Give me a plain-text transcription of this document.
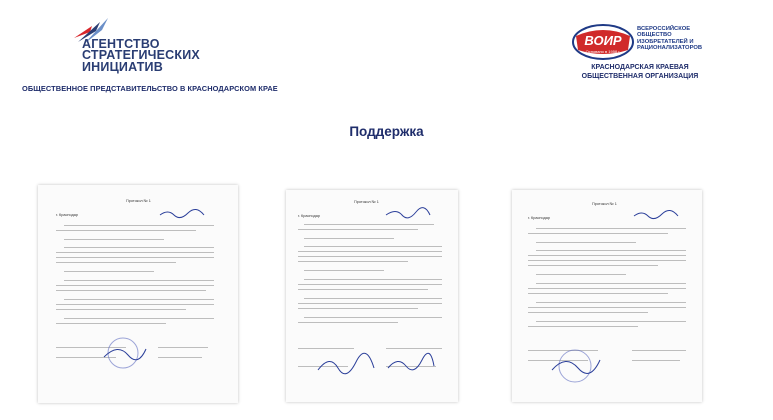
АГЕНТСТВО
СТРАТЕГИЧЕСКИХ
ИНИЦИАТИВ
ОБЩЕСТВЕННОЕ ПРЕДСТАВИТЕЛЬСТВО В КРАСНОДАРСКОМ КРАЕ
ВОИР
Основано в 1958 г.
ВСЕРОССИЙСКОЕ ОБЩЕСТВО ИЗОБРЕТАТЕЛЕЙ И РАЦИОНАЛИЗАТОРОВ
КРАСНОДАРСКАЯ КРАЕВАЯ ОБЩЕСТВЕННАЯ ОРГАНИЗАЦИЯ
Поддержка
Протокол № 1
г. Краснодар
Протокол № 1
г. Краснодар
Протокол № 1
г. Краснодар
